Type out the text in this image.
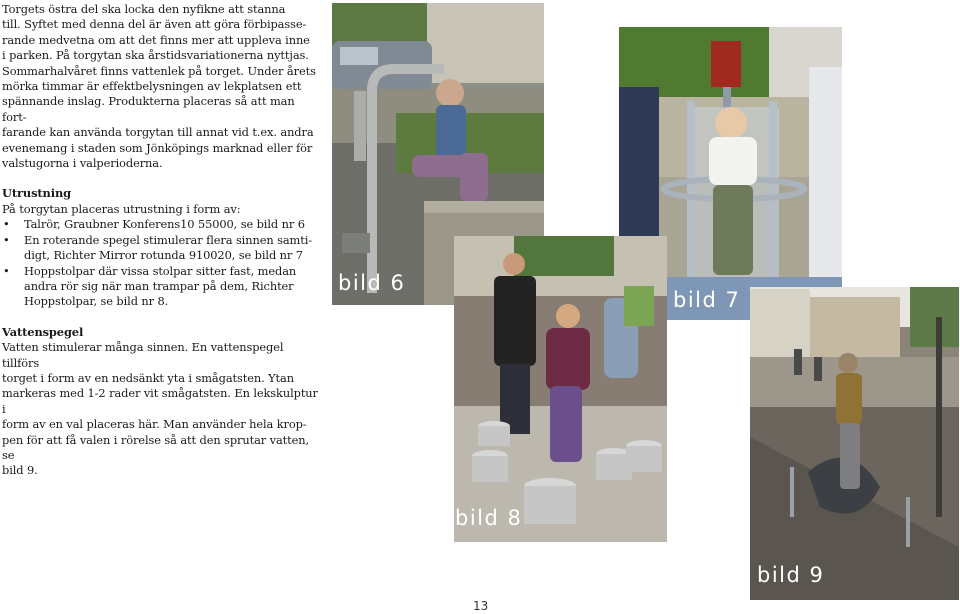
Torgets östra del ska locka den nyfikne att stanna

till. Syftet med denna del är även att göra förbipasse-

rande medvetna om att det finns mer att uppleva inne

i parken. På torgytan ska årstidsvariationerna nyttjas.

Sommarhalvåret finns vattenlek på torget. Under årets

mörka timmar är effektbelysningen av lekplatsen ett

spännande inslag. Produkterna placeras så att man fort-

farande kan använda torgytan till annat vid t.ex. andra

evenemang i staden som Jönköpings marknad eller för

valstugorna i valperioderna.

Utrustning

På torgytan placeras utrustning i form av:

• Talrör, Graubner Konferens10 55000, se bild nr 6
• En roterande spegel stimulerar flera sinnen samti-
digt, Richter Mirror rotunda 910020, se bild nr 7
• Hoppstolpar där vissa stolpar sitter fast, medan
andra rör sig när man trampar på dem, Richter
Hoppstolpar, se bild nr 8.

Vattenspegel

Vatten stimulerar många sinnen. En vattenspegel tillförs

torget i form av en nedsänkt yta i smågatsten. Ytan

markeras med 1-2 rader vit smågatsten. En lekskulptur i

form av en val placeras här. Man använder hela krop-

pen för att få valen i rörelse så att den sprutar vatten, se

bild 9.

bild 6
bild 7
bild 9
bild 8
13
